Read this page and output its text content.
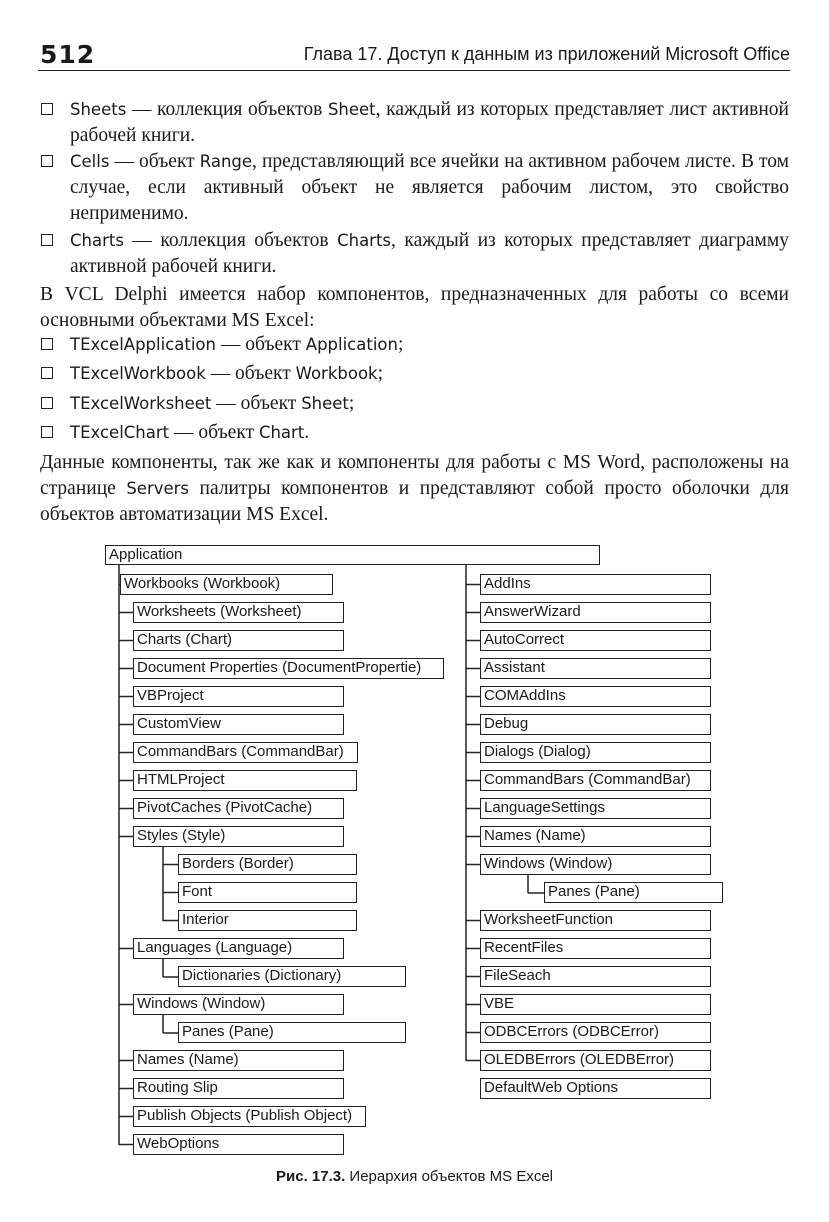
512	Глава 17. Доступ к данным из приложений Microsoft Office
Sheets — коллекция объектов Sheet, каждый из которых представляет лист активной рабочей книги.
Cells — объект Range, представляющий все ячейки на активном рабочем листе. В том случае, если активный объект не является рабочим листом, это свойство неприменимо.
Charts — коллекция объектов Charts, каждый из которых представляет диаграмму активной рабочей книги.
В VCL Delphi имеется набор компонентов, предназначенных для работы со всеми основными объектами MS Excel:
TExcelApplication — объект Application;
TExcelWorkbook — объект Workbook;
TExcelWorksheet — объект Sheet;
TExcelChart — объект Chart.
Данные компоненты, так же как и компоненты для работы с MS Word, расположены на странице Servers палитры компонентов и представляют собой просто оболочки для объектов автоматизации MS Excel.
Application
Workbooks (Workbook)
Worksheets (Worksheet)
Charts (Chart)
Document Properties (DocumentPropertie)
VBProject
CustomView
CommandBars (CommandBar)
HTMLProject
PivotCaches (PivotCache)
Styles (Style)
Borders (Border)
Font
Interior
Languages (Language)
Dictionaries (Dictionary)
Windows (Window)
Panes (Pane)
Names (Name)
Routing Slip
Publish Objects (Publish Object)
WebOptions
AddIns
AnswerWizard
AutoCorrect
Assistant
COMAddIns
Debug
Dialogs (Dialog)
CommandBars (CommandBar)
LanguageSettings
Names (Name)
Windows (Window)
Panes (Pane)
WorksheetFunction
RecentFiles
FileSeach
VBE
ODBCErrors (ODBCError)
OLEDBErrors (OLEDBError)
DefaultWeb Options
Рис. 17.3. Иерархия объектов MS Excel
